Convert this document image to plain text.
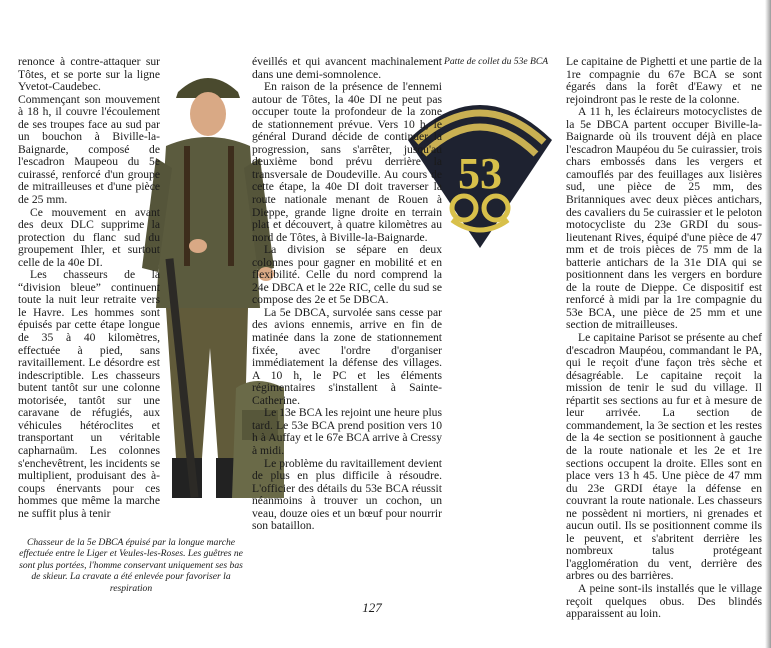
53

renonce à contre-attaquer sur Tôtes, et se porte sur la ligne Yvetot-Caudebec. Commençant son mouvement à 18 h, il couvre l'écoulement de ses troupes face au sud par un bouchon à Biville-la-Baignarde, composé de l'escadron Maupeou du 5e cuirassé, renforcé d'un groupe de mitrailleuses et d'une pièce de 25 mm.

Ce mouvement en avant des deux DLC supprime la protection du flanc sud du groupement Ihler, et surtout celle de la 40e DI.

Les chasseurs de la “division bleue” continuent toute la nuit leur retraite vers le Havre. Les hommes sont épuisés par cette étape longue de 35 à 40 kilomètres, effectuée à pied, sans ravitaillement. Le désordre est indescriptible. Les chasseurs butent tantôt sur une colonne motorisée, tantôt sur une caravane de réfugiés, aux véhicules hétéroclites et transportant un véritable capharnaüm. Les colonnes s'enchevêtrent, les incidents se multiplient, produisant des à-coups énervants pour ces hommes que même la marche ne suffit plus à tenir

Chasseur de la 5e DBCA épuisé par la longue marche effectuée entre le Liger et Veules-les-Roses. Les guêtres ne sont plus portées, l'homme conservant uniquement ses bas de skieur. La cravate a été enlevée pour favoriser la respiration

éveillés et qui avancent machinalement dans une demi-somnolence.

En raison de la présence de l'ennemi autour de Tôtes, la 40e DI ne peut pas occuper toute la profondeur de la zone de stationnement prévue. Vers 10 h, le général Durand décide de continuer la progression, sans s'arrêter, jusqu'au deuxième bond prévu derrière la transversale de Doudeville. Au cours de cette étape, la 40e DI doit traverser la route nationale menant de Rouen à Dieppe, grande ligne droite en terrain plat et découvert, à quatre kilomètres au nord de Tôtes, à Biville-la-Baignarde.

La division se sépare en deux colonnes pour gagner en mobilité et en flexibilité. Celle du nord comprend la 24e DBCA et le 22e RIC, celle du sud se compose des 2e et 5e DBCA.

La 5e DBCA, survolée sans cesse par des avions ennemis, arrive en fin de matinée dans la zone de stationnement fixée, avec l'ordre d'organiser immédiatement la défense des villages. A 10 h, le PC et les éléments régimentaires s'installent à Sainte-Catherine.

Le 13e BCA les rejoint une heure plus tard. Le 53e BCA prend position vers 10 h à Auffay et le 67e BCA arrive à Cressy à midi.

Le problème du ravitaillement devient de plus en plus difficile à résoudre. L'officier des détails du 53e BCA réussit néanmoins à trouver un cochon, un veau, douze oies et un bœuf pour nourrir son bataillon.

Patte de collet du 53e BCA	Le capitaine de Pighetti et une partie de la 1re compagnie du 67e BCA se sont égarés dans la forêt d'Eawy et ne rejoindront pas le reste de la colonne.

A 11 h, les éclaireurs motocyclistes de la 5e DBCA partent occuper Biville-la-Baignarde où ils trouvent déjà en place l'escadron Maupéou du 5e cuirassier, trois chars embossés dans les vergers et camouflés par des feuillages aux lisières sud, une pièce de 25 mm, des Britanniques avec deux pièces antichars, des cavaliers du 5e cuirassier et le peloton motocycliste du 23e GRDI du sous-lieutenant Rives, équipé d'une pièce de 47 mm et de trois pièces de 75 mm de la batterie antichars de la 31e DIA qui se positionnent dans les vergers en bordure de la route de Dieppe. Ce dispositif est renforcé à midi par la 1re compagnie du 53e BCA, une pièce de 25 mm et une section de mitrailleuses.

Le capitaine Parisot se présente au chef d'escadron Maupéou, commandant le PA, qui le reçoit d'une façon très sèche et désagréable. Le capitaine reçoit la mission de tenir le sud du village. Il répartit ses sections au fur et à mesure de leur arrivée. La section de commandement, la 3e section et les restes de la 4e section se positionnent à gauche de la route nationale et les 2e et 1re sections occupent la droite. Elles sont en place vers 13 h 45. Une pièce de 47 mm du 23e GRDI étaye la défense en couvrant la route nationale. Les chasseurs ne possèdent ni mortiers, ni grenades et aucun outil. Ils se positionnent comme ils le peuvent, et s'abritent derrière les nombreux talus protégeant l'agglomération du vent, derrière des arbres ou des barrières.

A peine sont-ils installés que le village reçoit quelques obus. Des blindés apparaissent au loin.

127
